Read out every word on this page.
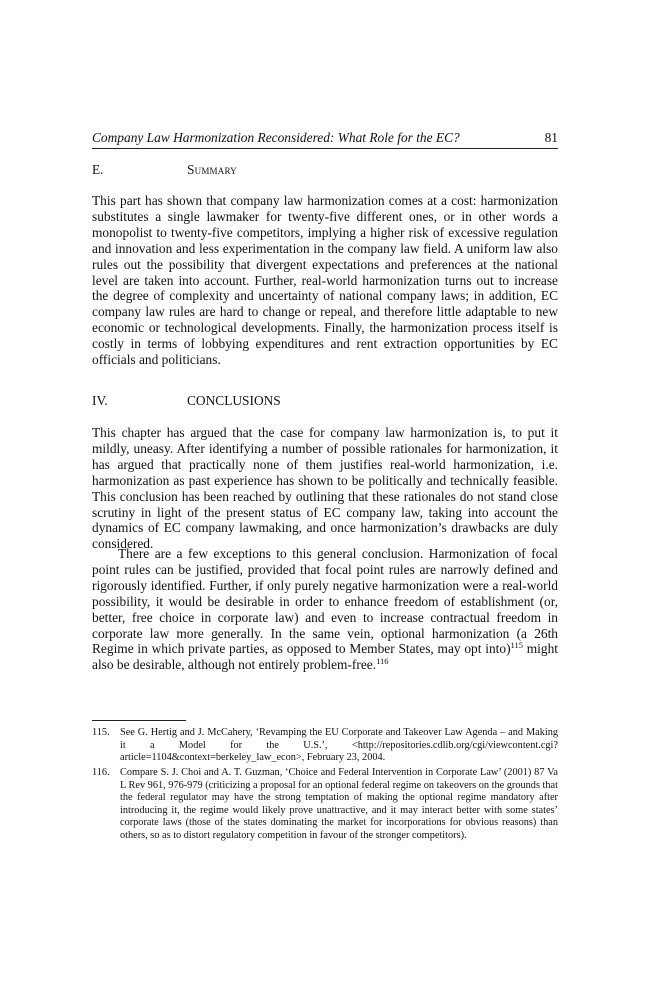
Company Law Harmonization Reconsidered: What Role for the EC?	81
E.	Summary

This part has shown that company law harmonization comes at a cost: harmonization substitutes a single lawmaker for twenty-five different ones, or in other words a monopolist to twenty-five competitors, implying a higher risk of excessive regulation and innovation and less experimentation in the company law field. A uniform law also rules out the possibility that divergent expectations and preferences at the national level are taken into account. Further, real-world harmonization turns out to increase the degree of complexity and uncertainty of national company laws; in addition, EC company law rules are hard to change or repeal, and therefore little adaptable to new economic or technological developments. Finally, the harmonization process itself is costly in terms of lobbying expenditures and rent extraction opportunities by EC officials and politicians.

IV.	CONCLUSIONS

This chapter has argued that the case for company law harmonization is, to put it mildly, uneasy. After identifying a number of possible rationales for harmonization, it has argued that practically none of them justifies real-world harmonization, i.e. harmonization as past experience has shown to be politically and technically feasible. This conclusion has been reached by outlining that these rationales do not stand close scrutiny in light of the present status of EC company law, taking into account the dynamics of EC company lawmaking, and once harmonization’s drawbacks are duly considered.

There are a few exceptions to this general conclusion. Harmonization of focal point rules can be justified, provided that focal point rules are narrowly defined and rigorously identified. Further, if only purely negative harmonization were a real-world possibility, it would be desirable in order to enhance freedom of establishment (or, better, free choice in corporate law) and even to increase contractual freedom in corporate law more generally. In the same vein, optional harmonization (a 26th Regime in which private parties, as opposed to Member States, may opt into)$^{115}$ might also be desirable, although not entirely problem-free.$^{116}$

115. See G. Hertig and J. McCahery, ‘Revamping the EU Corporate and Takeover Law Agenda – and Making it a Model for the U.S.’, <http://repositories.cdlib.org/cgi/viewcontent.cgi?article=1104&context=berkeley_law_econ>, February 23, 2004.
116. Compare S. J. Choi and A. T. Guzman, ‘Choice and Federal Intervention in Corporate Law’ (2001) 87 Va L Rev 961, 976-979 (criticizing a proposal for an optional federal regime on takeovers on the grounds that the federal regulator may have the strong temptation of making the optional regime mandatory after introducing it, the regime would likely prove unattractive, and it may interact better with some states’ corporate laws (those of the states dominating the market for incorporations for obvious reasons) than others, so as to distort regulatory competition in favour of the stronger competitors).
